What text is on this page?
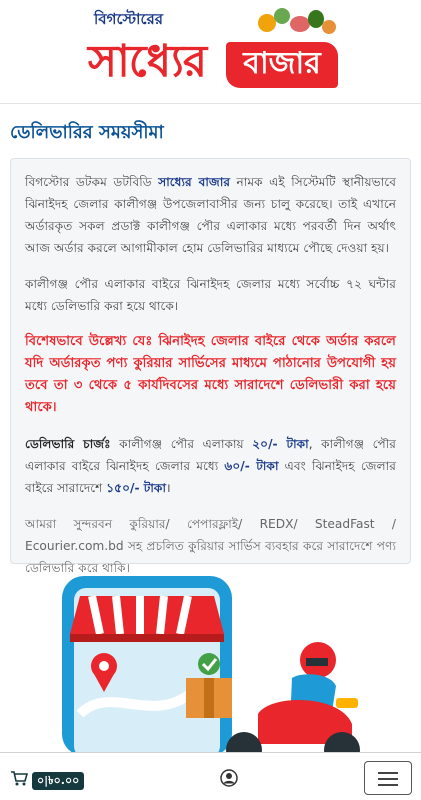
বিগস্টোরের
সাধ্যের	বাজার
ডেলিভারির সময়সীমা

বিগস্টোর ডটকম ডটবিডি সাধ্যের বাজার নামক এই সিস্টেমটি স্থানীয়ভাবে ঝিনাইদহ জেলার কালীগঞ্জ উপজেলাবাসীর জন্য চালু করেছে। তাই এখানে অর্ডারকৃত সকল প্রডাক্ট কালীগঞ্জ পৌর এলাকার মধ্যে পরবর্তী দিন অর্থাৎ আজ অর্ডার করলে আগামীকাল হোম ডেলিভারির মাধ্যমে পৌছে দেওয়া হয়।

কালীগঞ্জ পৌর এলাকার বাইরে ঝিনাইদহ জেলার মধ্যে সর্বোচ্চ ৭২ ঘন্টার মধ্যে ডেলিভারি করা হয়ে থাকে।

বিশেষভাবে উল্লেখ্য যেঃ ঝিনাইদহ জেলার বাইরে থেকে অর্ডার করলে যদি অর্ডারকৃত পণ্য কুরিয়ার সার্ভিসের মাধ্যমে পাঠানোর উপযোগী হয় তবে তা ৩ থেকে ৫ কার্যদিবসের মধ্যে সারাদেশে ডেলিভারী করা হয়ে থাকে।

ডেলিভারি চার্জঃ কালীগঞ্জ পৌর এলাকায় ২০/- টাকা, কালীগঞ্জ পৌর এলাকার বাইরে ঝিনাইদহ জেলার মধ্যে ৬০/- টাকা এবং ঝিনাইদহ জেলার বাইরে সারাদেশে ১৫০/- টাকা।

আমরা সুন্দরবন কুরিয়ার/ পেপারফ্লাই/ REDX/ SteadFast / Ecourier.com.bd সহ প্রচলিত কুরিয়ার সার্ভিস ব্যবহার করে সারাদেশে পণ্য ডেলিভারি করে থাকি।

০|৳০.০০
